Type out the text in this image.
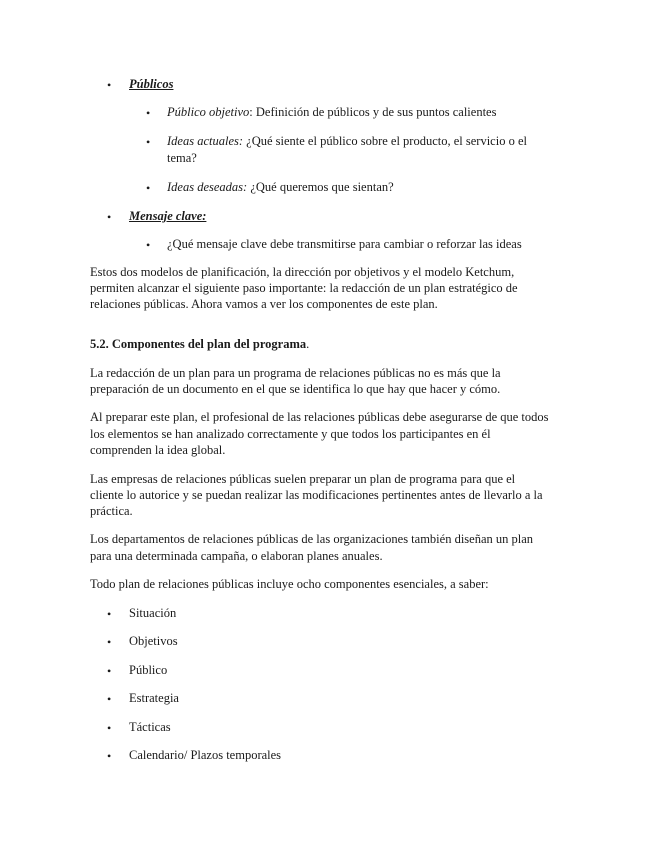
• Públicos
• Público objetivo: Definición de públicos y de sus puntos calientes
• Ideas actuales: ¿Qué siente el público sobre el producto, el servicio o el
tema?
• Ideas deseadas: ¿Qué queremos que sientan?
• Mensaje clave:
• ¿Qué mensaje clave debe transmitirse para cambiar o reforzar las ideas
Estos dos modelos de planificación, la dirección por objetivos y el modelo Ketchum,
permiten alcanzar el siguiente paso importante: la redacción de un plan estratégico de
relaciones públicas. Ahora vamos a ver los componentes de este plan.
5.2. Componentes del plan del programa.
La redacción de un plan para un programa de relaciones públicas no es más que la
preparación de un documento en el que se identifica lo que hay que hacer y cómo.
Al preparar este plan, el profesional de las relaciones públicas debe asegurarse de que todos
los elementos se han analizado correctamente y que todos los participantes en él
comprenden la idea global.
Las empresas de relaciones públicas suelen preparar un plan de programa para que el
cliente lo autorice y se puedan realizar las modificaciones pertinentes antes de llevarlo a la
práctica.
Los departamentos de relaciones públicas de las organizaciones también diseñan un plan
para una determinada campaña, o elaboran planes anuales.
Todo plan de relaciones públicas incluye ocho componentes esenciales, a saber:
• Situación
• Objetivos
• Público
• Estrategia
• Tácticas
• Calendario/ Plazos temporales
